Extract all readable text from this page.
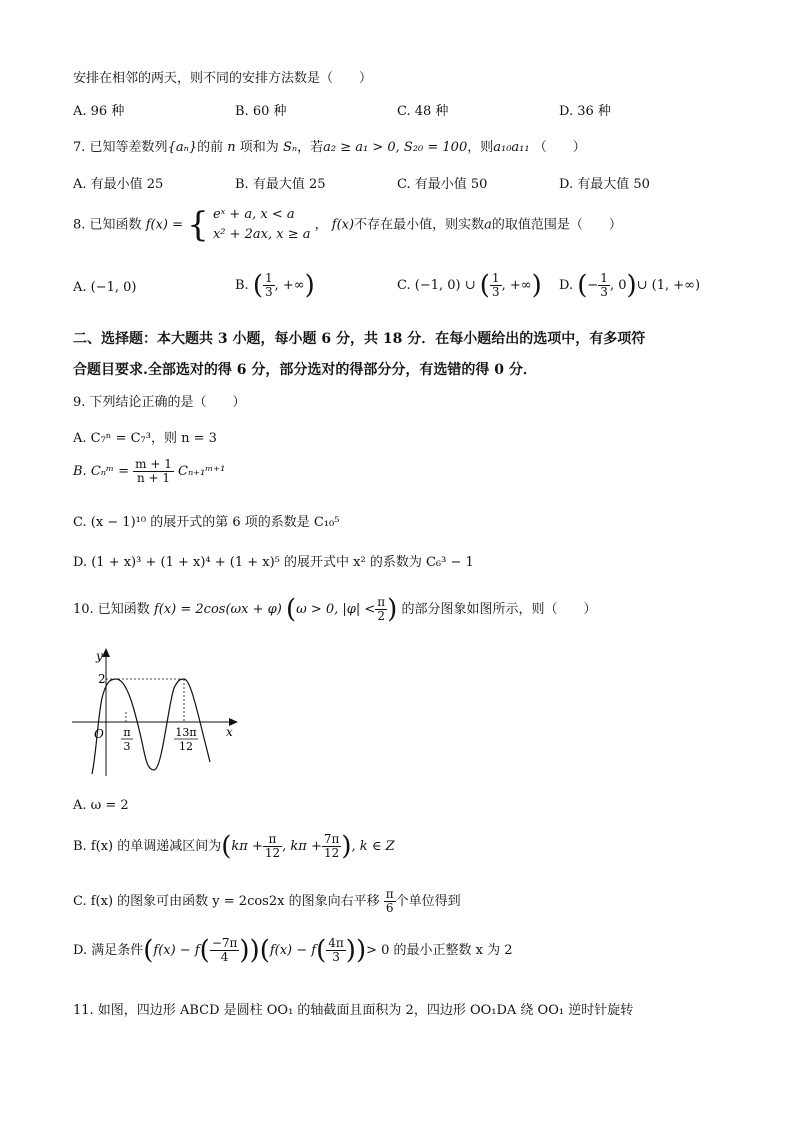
安排在相邻的两天，则不同的安排方法数是（　　）
A. 96 种	B. 60 种	C. 48 种	D. 36 种
7. 已知等差数列{aₙ}的前 n 项和为 Sₙ，若a₂ ≥ a₁ > 0, S₂₀ = 100，则a₁₀a₁₁ （　　）
A. 有最小值 25	B. 有最大值 25	C. 有最小值 50	D. 有最大值 50
8. 已知函数 f(x) = { eˣ + a, x < a
x² + 2ax, x ≥ a
， f(x)不存在最小值，则实数a的取值范围是（　　）
A. (−1, 0)	B. ( $\frac{1}{3}$ , +∞)	C. (−1, 0) ∪ ( $\frac{1}{3}$ , +∞) D. (− $\frac{1}{3}$ , 0)∪ (1, +∞)
二、选择题：本大题共 3 小题，每小题 6 分，共 18 分．在每小题给出的选项中，有多项符
合题目要求.全部选对的得 6 分，部分选对的得部分分，有选错的得 0 分．
9. 下列结论正确的是（　　）
A. C₇ⁿ = C₇³，则 n = 3
B. Cₙᵐ = $\frac{m + 1}{n + 1}$ Cₙ₊₁ᵐ⁺¹
C. (x − 1)¹⁰ 的展开式的第 6 项的系数是 C₁₀⁵
D. (1 + x)³ + (1 + x)⁴ + (1 + x)⁵ 的展开式中 x² 的系数为 C₆³ − 1
10. 已知函数 f(x) = 2cos(ωx + φ) (ω > 0, $|\varphi| < \frac{\pi}{2}$ ) 的部分图象如图所示，则（　　）
y
x
O
2
π
3
13π
12
A. ω = 2
B. f(x) 的单调递减区间为($k\pi + \frac{\pi}{12}$ , $k\pi + \frac{7\pi}{12}$ ), k ∈ Z
C. f(x) 的图象可由函数 y = 2cos2x 的图象向右平移 $\frac{\pi}{6}$ 个单位得到
D. 满足条件$(f(x) - f( \frac{-7\pi}{4} ))(f(x) - f( \frac{4\pi}{3}$ ))> 0 的最小正整数 x 为 2
11. 如图，四边形 ABCD 是圆柱 OO₁ 的轴截面且面积为 2，四边形 OO₁DA 绕 OO₁ 逆时针旋转
